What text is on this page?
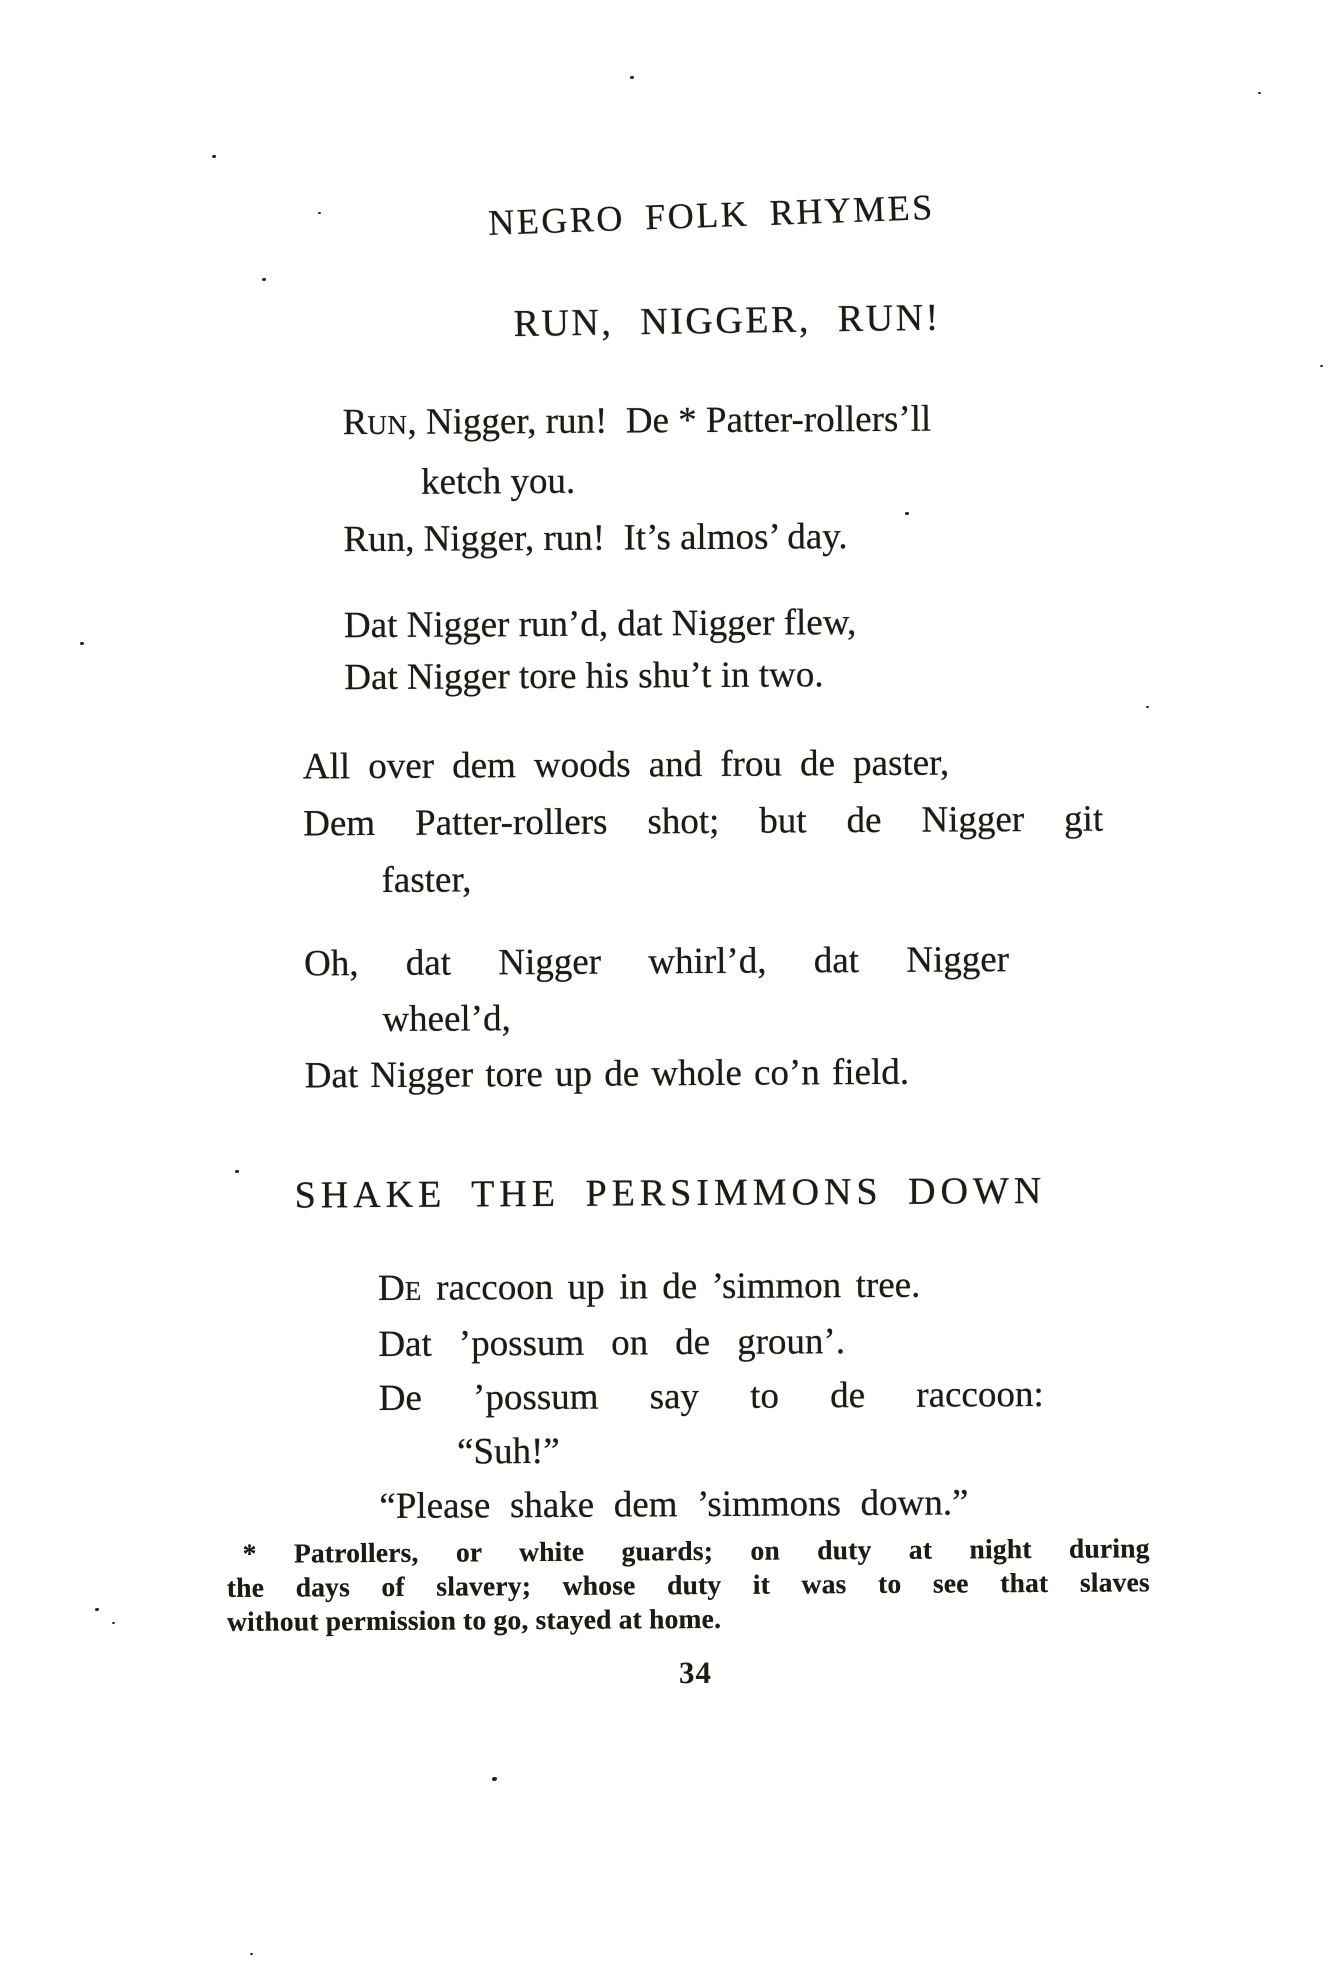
NEGRO FOLK RHYMES
RUN, NIGGER, RUN!
RUN, Nigger, run!  De * Patter-rollers’ll
ketch you.
Run, Nigger, run!  It’s almos’ day.
Dat Nigger run’d, dat Nigger flew,
Dat Nigger tore his shu’t in two.
All over dem woods and frou de paster,
Dem Patter-rollers shot; but de Nigger git
faster,
Oh, dat Nigger whirl’d, dat Nigger
wheel’d,
Dat Nigger tore up de whole co’n field.
SHAKE THE PERSIMMONS DOWN
DE raccoon up in de ’simmon tree.
Dat ’possum on de groun’.
De ’possum say to de raccoon:
“Suh!”
“Please shake dem ’simmons down.”
* Patrollers, or white guards; on duty at night during
the days of slavery; whose duty it was to see that slaves
without permission to go, stayed at home.
34
